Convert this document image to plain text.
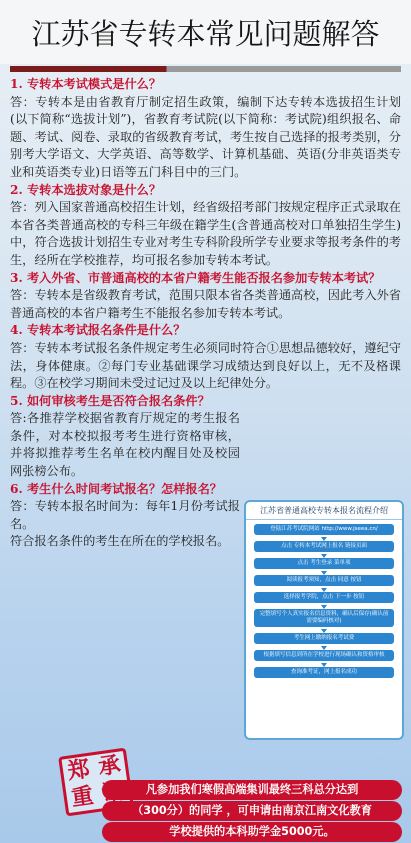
江苏省专转本常见问题解答
1. 专转本考试模式是什么？
答：专转本是由省教育厅制定招生政策，编制下达专转本选拔招生计划(以下简称“选拔计划”)，省教育考试院(以下简称：考试院)组织报名、命题、考试、阅卷、录取的省级教育考试，考生按自己选择的报考类别，分别考大学语文、大学英语、高等数学、计算机基础、英语(分非英语类专业和英语类专业)日语等五门科目中的三门。
2. 专转本选拔对象是什么？
答：列入国家普通高校招生计划，经省级招考部门按规定程序正式录取在本省各类普通高校的专科三年级在籍学生(含普通高校对口单独招生学生)中，符合选拔计划招生专业对考生专科阶段所学专业要求等报考条件的考生，经所在学校推荐，均可报名参加专转本考试。
3. 考入外省、市普通高校的本省户籍考生能否报名参加专转本考试？
答：专转本是省级教育考试，范围只限本省各类普通高校，因此考入外省普通高校的本省户籍考生不能报名参加专转本考试。
4. 专转本考试报名条件是什么？
答：专转本考试报名条件规定考生必须同时符合①思想品德较好，遵纪守法，身体健康。②每门专业基础课学习成绩达到良好以上，无不及格课程。③在校学习期间未受过记过及以上纪律处分。
5. 如何审核考生是否符合报名条件？
答:各推荐学校据省教育厅规定的考生报名条件，对本校拟报考考生进行资格审核，并将拟推荐考生名单在校内醒目处及校园网张榜公布。
6. 考生什么时间考试报名？怎样报名？
答：专转本报名时间为：每年1月份考试报名。
符合报名条件的考生在所在的学校报名。
江苏省普通高校专转本报名流程介绍
登陆江苏考试院网站 http://www.jseea.cn/
点击 专转本考试网上报名 链接页面
点击 考生登录 菜单项
阅读报考须知，点击 同意 按钮
选择报考学院，点击 下一步 按钮
完整填写个人真实报名信息资料，确认后保存(确认前需要编码核对)
考生网上缴纳报名考试费
根据填写信息到所在学校进行现场确认和资格审核
查询准考证，网上报名成功
郑 承
重	凡参加我们寒假高端集训最终三科总分达到
（300分）的同学 ，可申请由南京江南文化教育
学校提供的本科助学金5000元。
